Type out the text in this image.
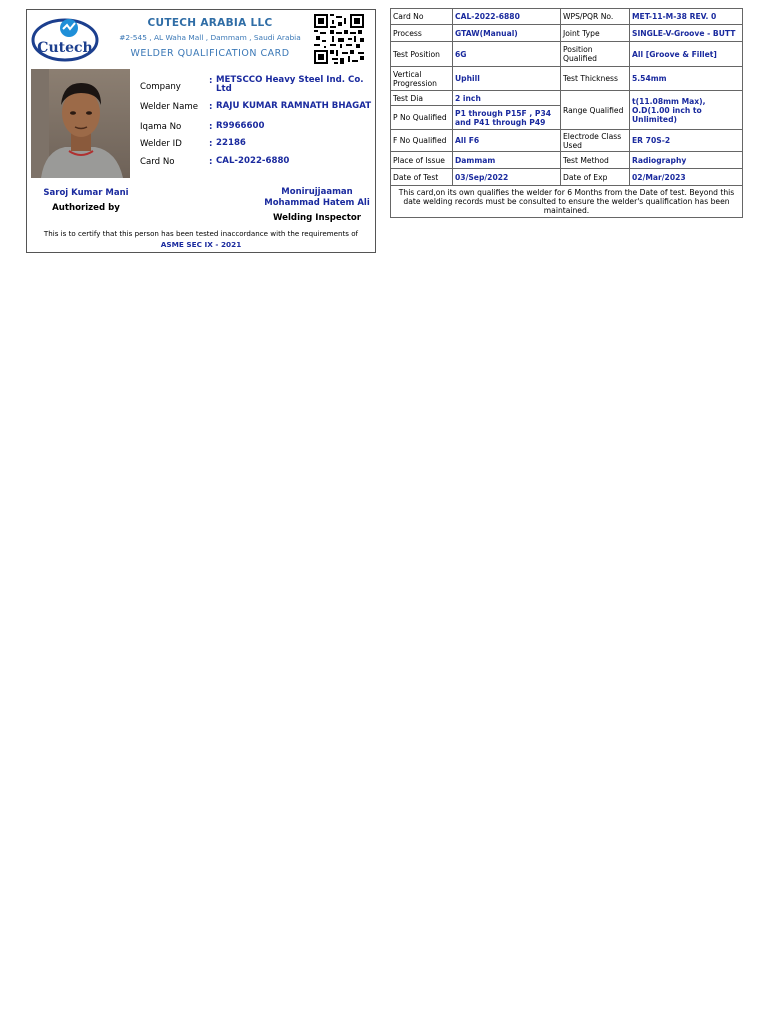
Cutech
CUTECH ARABIA LLC
#2-545 , AL Waha Mall , Dammam , Saudi Arabia
WELDER QUALIFICATION CARD
Company
: METSCCO Heavy Steel Ind. Co. Ltd
Welder Name : RAJU KUMAR RAMNATH BHAGAT
Iqama No	: R9966600
Welder ID	: 22186
Card No	: CAL-2022-6880
Saroj Kumar Mani
Authorized by
Monirujjaaman
Mohammad Hatem Ali
Welding Inspector
This is to certify that this person has been tested inaccordance with the requirements of
ASME SEC IX - 2021
Card No	CAL-2022-6880	WPS/PQR No.	MET-11-M-38 REV. 0
Process	GTAW(Manual)	Joint Type	SINGLE-V-Groove - BUTT
Test Position	6G	Position Qualified	All [Groove & Fillet]
Vertical Progression	Uphill	Test Thickness	5.54mm
Test Dia	2 inch	Range Qualified	t(11.08mm Max), O.D(1.00 inch to Unlimited)
P No Qualified	P1 through P15F , P34 and P41 through P49		
F No Qualified	All F6	Electrode Class Used	ER 70S-2
Place of Issue	Dammam	Test Method	Radiography
Date of Test	03/Sep/2022	Date of Exp	02/Mar/2023
This card,on its own qualifies the welder for 6 Months from the Date of test. Beyond this date welding records must be consulted to ensure the welder's qualification has been maintained.			
